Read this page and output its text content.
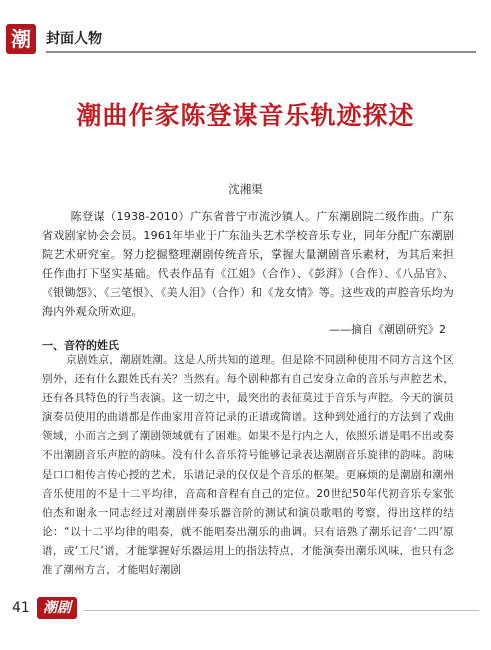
潮	封面人物
潮曲作家陈登谋音乐轨迹探述
沈湘渠

陈登谋（1938-2010）广东省普宁市流沙镇人。广东潮剧院二级作曲。广东省戏剧家协会会员。1961年毕业于广东汕头艺术学校音乐专业，同年分配广东潮剧院艺术研究室。努力挖掘整理潮剧传统音乐，掌握大量潮剧音乐素材，为其后来担任作曲打下坚实基础。代表作品有《江姐》（合作）、《彭湃》（合作）、《八品官》、《银锄怨》、《三笔恨》、《美人泪》（合作）和《龙女情》等。这些戏的声腔音乐均为海内外观众所欢迎。

——摘自《潮剧研究》2
一、音符的姓氏

京剧姓京，潮剧姓潮。这是人所共知的道理。但是除不同剧种使用不同方言这个区别外，还有什么跟姓氏有关？当然有。每个剧种都有自己安身立命的音乐与声腔艺术，还有各具特色的行当表演。这一切之中，最突出的表征莫过于音乐与声腔。今天的演员演奏员使用的曲谱都是作曲家用音符记录的正谱或简谱。这种到处通行的方法到了戏曲领域，小而言之到了潮剧领域就有了困难。如果不是行内之人，依照乐谱是唱不出或奏不出潮剧音乐声腔的韵味。没有什么音乐符号能够记录表达潮剧音乐旋律的韵味。韵味是口口相传言传心授的艺术，乐谱记录的仅仅是个音乐的框架。更麻烦的是潮剧和潮州音乐使用的不是十二平均律，音高和音程有自己的定位。20世纪50年代初音乐专家张伯杰和谢永一同志经过对潮剧伴奏乐器音阶的测试和演员歌唱的考察，得出这样的结论：“以十二平均律的唱奏，就不能唱奏出潮乐的曲调。只有谙熟了潮乐记音‘二四’原谱，或‘工尺’谱，才能掌握好乐器运用上的指法特点，才能演奏出潮乐风味，也只有念准了潮州方言，才能唱好潮剧

41 潮剧
